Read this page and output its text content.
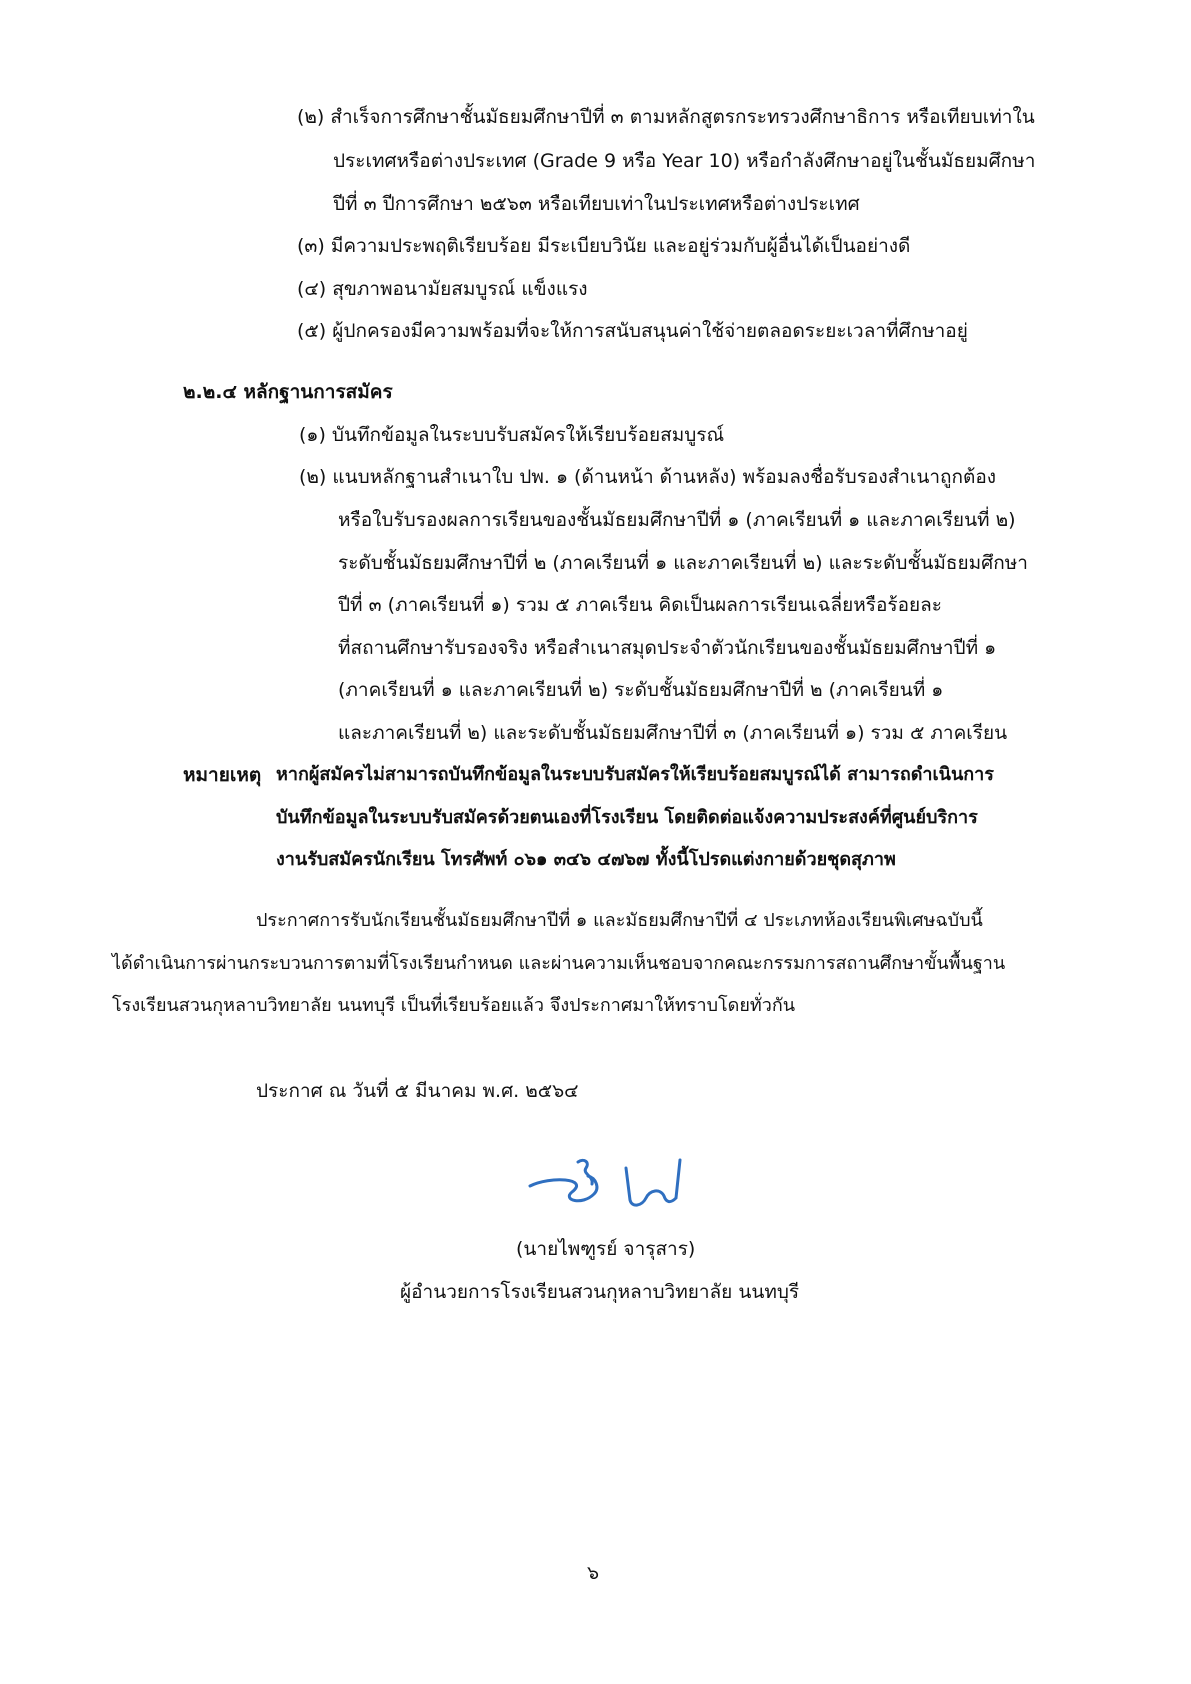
(๒) สำเร็จการศึกษาชั้นมัธยมศึกษาปีที่ ๓ ตามหลักสูตรกระทรวงศึกษาธิการ หรือเทียบเท่าใน
ประเทศหรือต่างประเทศ (Grade 9 หรือ Year 10) หรือกำลังศึกษาอยู่ในชั้นมัธยมศึกษา
ปีที่ ๓ ปีการศึกษา ๒๕๖๓ หรือเทียบเท่าในประเทศหรือต่างประเทศ
(๓) มีความประพฤติเรียบร้อย มีระเบียบวินัย และอยู่ร่วมกับผู้อื่นได้เป็นอย่างดี
(๔) สุขภาพอนามัยสมบูรณ์ แข็งแรง
(๕) ผู้ปกครองมีความพร้อมที่จะให้การสนับสนุนค่าใช้จ่ายตลอดระยะเวลาที่ศึกษาอยู่
๒.๒.๔ หลักฐานการสมัคร
(๑) บันทึกข้อมูลในระบบรับสมัครให้เรียบร้อยสมบูรณ์
(๒) แนบหลักฐานสำเนาใบ ปพ. ๑ (ด้านหน้า ด้านหลัง) พร้อมลงชื่อรับรองสำเนาถูกต้อง
หรือใบรับรองผลการเรียนของชั้นมัธยมศึกษาปีที่ ๑ (ภาคเรียนที่ ๑ และภาคเรียนที่ ๒)
ระดับชั้นมัธยมศึกษาปีที่ ๒ (ภาคเรียนที่ ๑ และภาคเรียนที่ ๒) และระดับชั้นมัธยมศึกษา
ปีที่ ๓ (ภาคเรียนที่ ๑) รวม ๕ ภาคเรียน คิดเป็นผลการเรียนเฉลี่ยหรือร้อยละ
ที่สถานศึกษารับรองจริง หรือสำเนาสมุดประจำตัวนักเรียนของชั้นมัธยมศึกษาปีที่ ๑
(ภาคเรียนที่ ๑ และภาคเรียนที่ ๒) ระดับชั้นมัธยมศึกษาปีที่ ๒ (ภาคเรียนที่ ๑
และภาคเรียนที่ ๒) และระดับชั้นมัธยมศึกษาปีที่ ๓ (ภาคเรียนที่ ๑) รวม ๕ ภาคเรียน
หมายเหตุ หากผู้สมัครไม่สามารถบันทึกข้อมูลในระบบรับสมัครให้เรียบร้อยสมบูรณ์ได้ สามารถดำเนินการ
บันทึกข้อมูลในระบบรับสมัครด้วยตนเองที่โรงเรียน โดยติดต่อแจ้งความประสงค์ที่ศูนย์บริการ
งานรับสมัครนักเรียน โทรศัพท์ ๐๖๑ ๓๔๖ ๔๗๖๗ ทั้งนี้โปรดแต่งกายด้วยชุดสุภาพ
ประกาศการรับนักเรียนชั้นมัธยมศึกษาปีที่ ๑ และมัธยมศึกษาปีที่ ๔ ประเภทห้องเรียนพิเศษฉบับนี้
ได้ดำเนินการผ่านกระบวนการตามที่โรงเรียนกำหนด และผ่านความเห็นชอบจากคณะกรรมการสถานศึกษาขั้นพื้นฐาน
โรงเรียนสวนกุหลาบวิทยาลัย นนทบุรี เป็นที่เรียบร้อยแล้ว จึงประกาศมาให้ทราบโดยทั่วกัน
ประกาศ ณ วันที่ ๕ มีนาคม พ.ศ. ๒๕๖๔
(นายไพฑูรย์ จารุสาร)
ผู้อำนวยการโรงเรียนสวนกุหลาบวิทยาลัย นนทบุรี
๖
